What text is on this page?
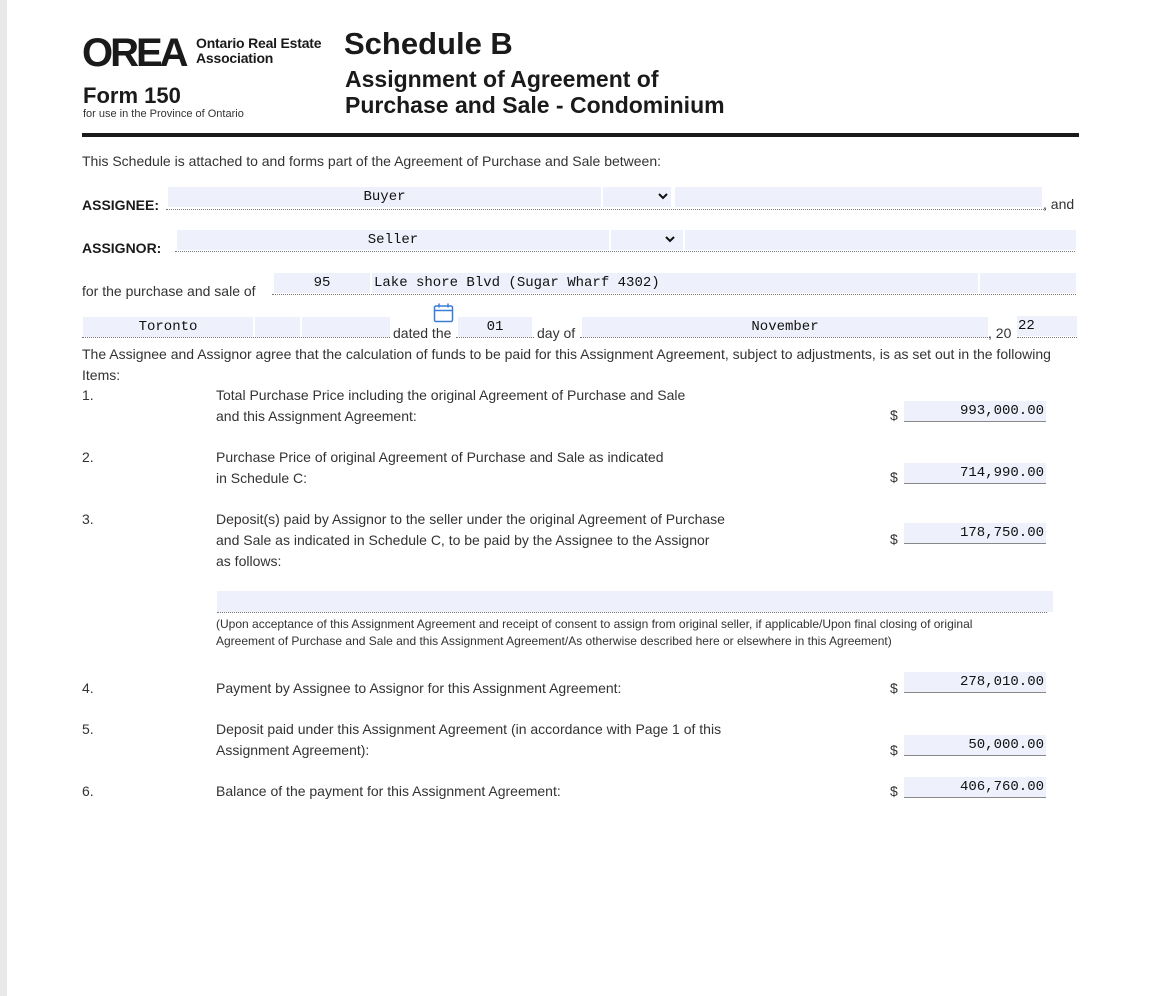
OREA Ontario Real Estate
Association
Form 150
for use in the Province of Ontario
Schedule B
Assignment of Agreement of
Purchase and Sale - Condominium
This Schedule is attached to and forms part of the Agreement of Purchase and Sale between:
ASSIGNEE:	Buyer	, and
ASSIGNOR:	Seller
for the purchase and sale of	95	Lake shore Blvd (Sugar Wharf 4302)
Toronto	dated the	01	day of	November	, 20 22
The Assignee and Assignor agree that the calculation of funds to be paid for this Assignment Agreement, subject to adjustments, is as set out in the following
Items:
1.	Total Purchase Price including the original Agreement of Purchase and Sale
and this Assignment Agreement:	$	993,000.00
2.	Purchase Price of original Agreement of Purchase and Sale as indicated
in Schedule C:	$	714,990.00
3.	Deposit(s) paid by Assignor to the seller under the original Agreement of Purchase
and Sale as indicated in Schedule C, to be paid by the Assignee to the Assignor
as follows:
$	178,750.00
(Upon acceptance of this Assignment Agreement and receipt of consent to assign from original seller, if applicable/Upon final closing of original
Agreement of Purchase and Sale and this Assignment Agreement/As otherwise described here or elsewhere in this Agreement)
4.	Payment by Assignee to Assignor for this Assignment Agreement:	$	278,010.00
5.	Deposit paid under this Assignment Agreement (in accordance with Page 1 of this
Assignment Agreement):	$	50,000.00
6.	Balance of the payment for this Assignment Agreement:	$	406,760.00
